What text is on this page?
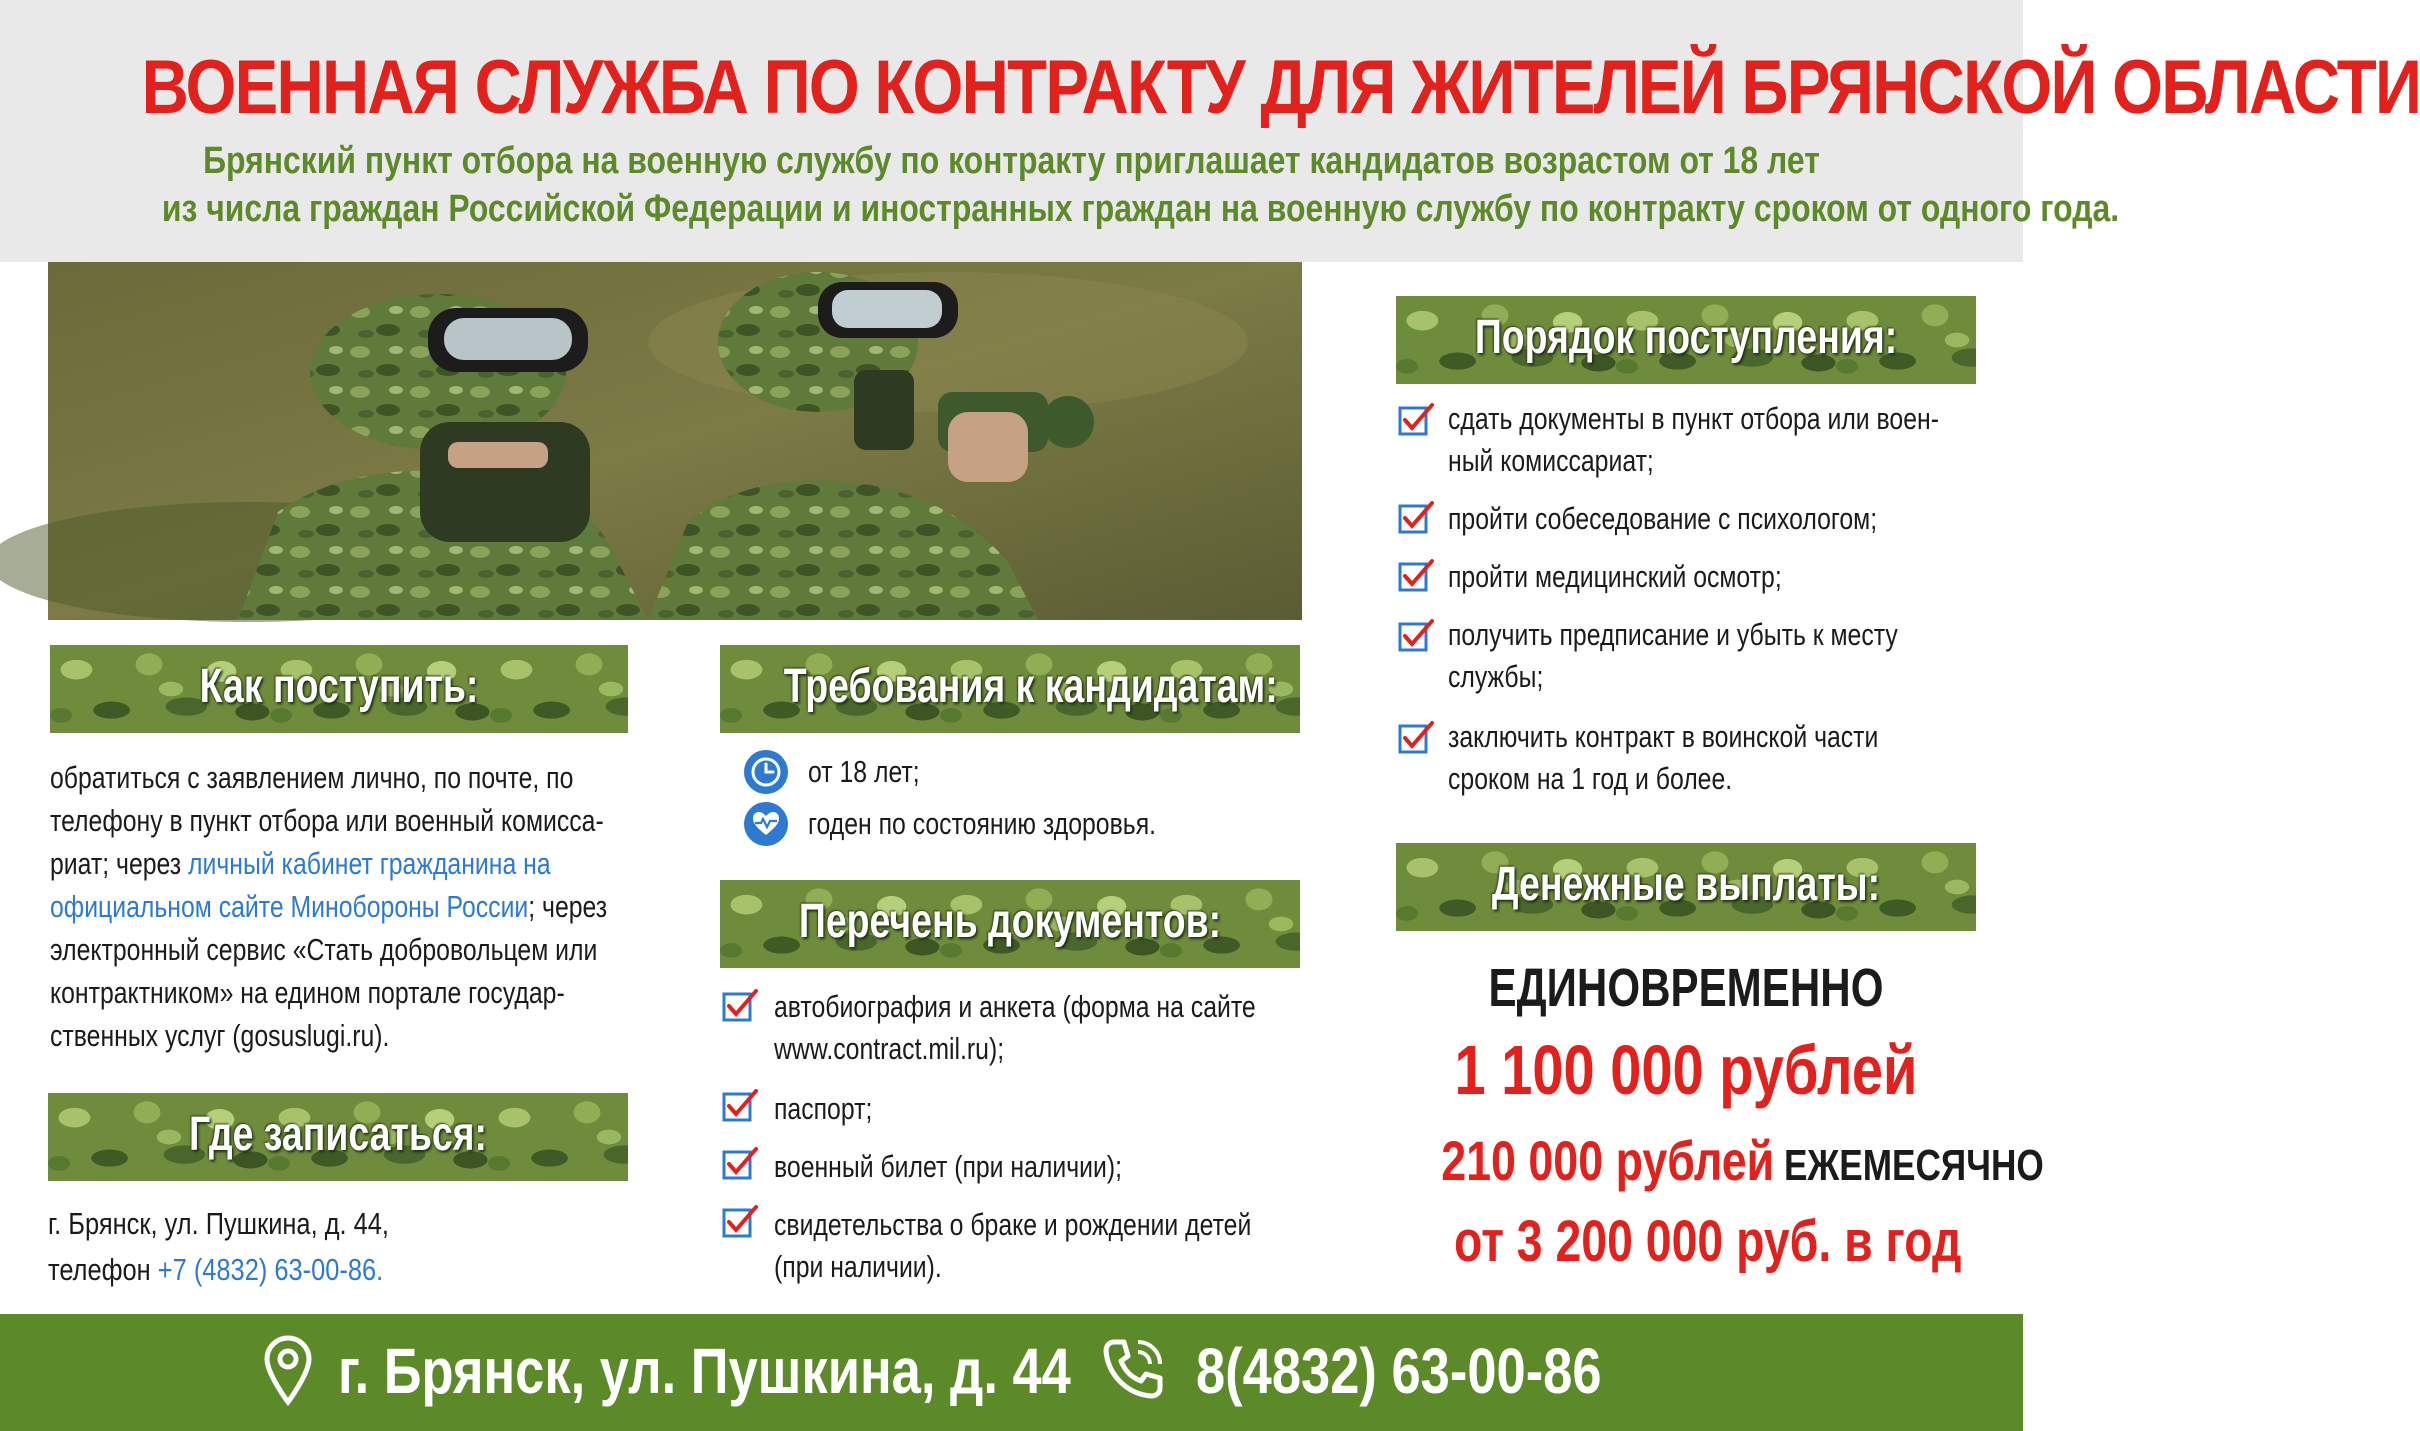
ВОЕННАЯ СЛУЖБА ПО КОНТРАКТУ ДЛЯ ЖИТЕЛЕЙ БРЯНСКОЙ ОБЛАСТИ
Брянский пункт отбора на военную службу по контракту приглашает кандидатов возрастом от 18 лет
из числа граждан Российской Федерации и иностранных граждан на военную службу по контракту сроком от одного года.
Как поступить:
обратиться с заявлением лично, по почте, по
телефону в пункт отбора или военный комисса-
риат; через личный кабинет гражданина на
официальном сайте Минобороны России; через
электронный сервис «Стать добровольцем или
контрактником» на едином портале государ-
ственных услуг (gosuslugi.ru).
Где записаться:
г. Брянск, ул. Пушкина, д. 44,
телефон +7 (4832) 63-00-86.
Требования к кандидатам:
от 18 лет;
годен по состоянию здоровья.
Перечень документов:
автобиография и анкета (форма на сайте
www.contract.mil.ru);
паспорт;
военный билет (при наличии);
свидетельства о браке и рождении детей
(при наличии).
Порядок поступления:
сдать документы в пункт отбора или воен-
ный комиссариат;
пройти собеседование с психологом;
пройти медицинский осмотр;
получить предписание и убыть к месту
службы;
заключить контракт в воинской части
сроком на 1 год и более.
Денежные выплаты:
ЕДИНОВРЕМЕННО
1 100 000 рублей
210 000 рублей ЕЖЕМЕСЯЧНО
от 3 200 000 руб. в год
г. Брянск, ул. Пушкина, д. 44 8(4832) 63-00-86
